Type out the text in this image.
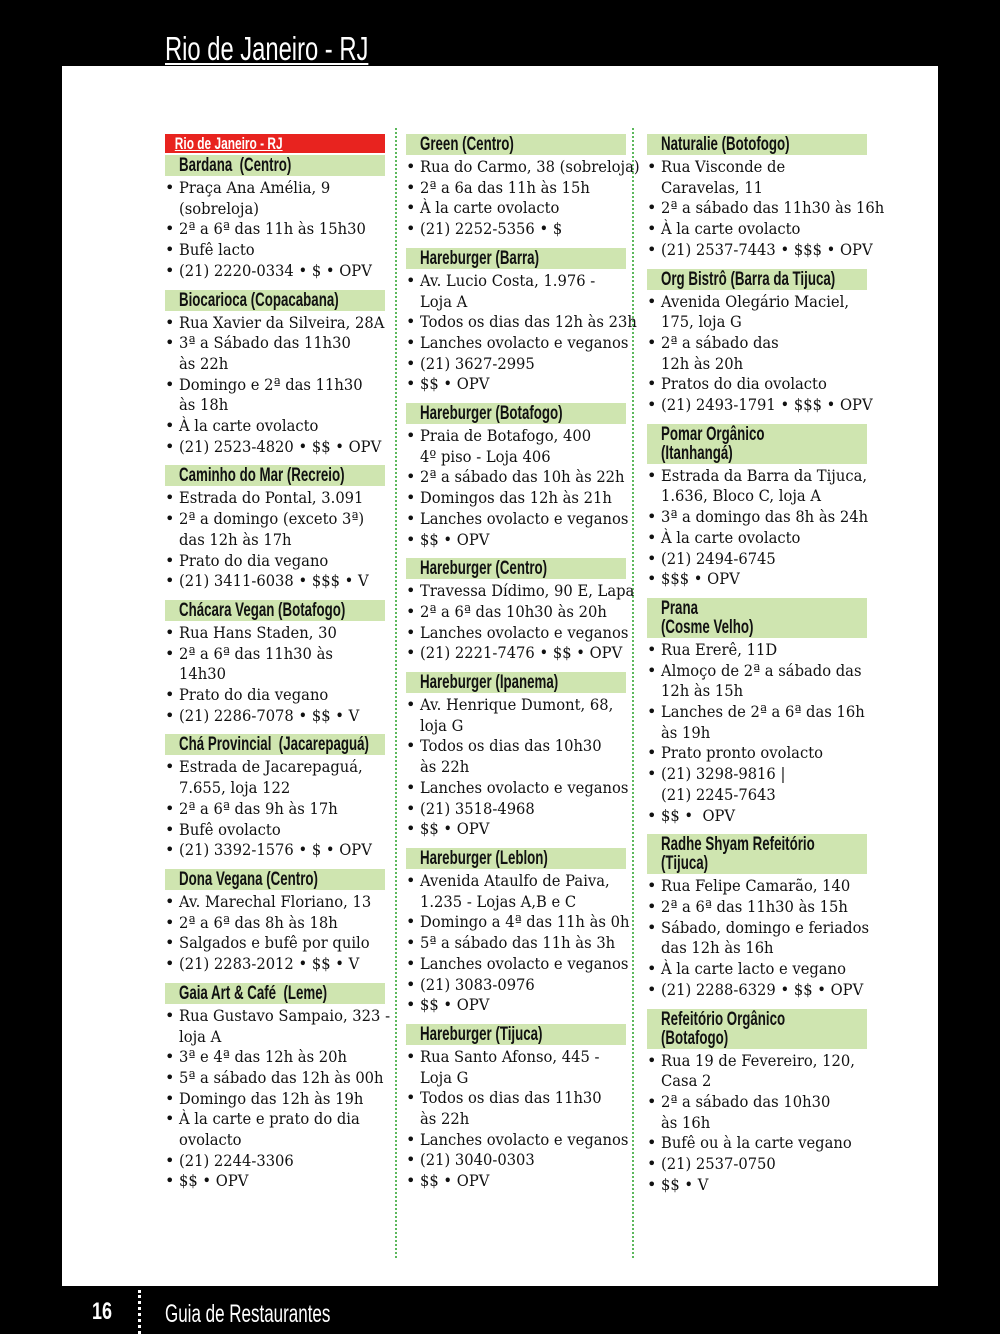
Rio de Janeiro - RJ
Rio de Janeiro - RJ
Bardana  (Centro)
• Praça Ana Amélia, 9
(sobreloja)
• 2ª a 6ª das 11h às 15h30
• Bufê lacto
• (21) 2220-0334 • $ • OPV
Biocarioca (Copacabana)
• Rua Xavier da Silveira, 28A
• 3ª a Sábado das 11h30
às 22h
• Domingo e 2ª das 11h30
às 18h
• À la carte ovolacto
• (21) 2523-4820 • $$ • OPV
Caminho do Mar (Recreio)
• Estrada do Pontal, 3.091
• 2ª a domingo (exceto 3ª)
das 12h às 17h
• Prato do dia vegano
• (21) 3411-6038 • $$$ • V
Chácara Vegan (Botafogo)
• Rua Hans Staden, 30
• 2ª a 6ª das 11h30 às
14h30
• Prato do dia vegano
• (21) 2286-7078 • $$ • V
Chá Provincial  (Jacarepaguá)
• Estrada de Jacarepaguá,
7.655, loja 122
• 2ª a 6ª das 9h às 17h
• Bufê ovolacto
• (21) 3392-1576 • $ • OPV
Dona Vegana (Centro)
• Av. Marechal Floriano, 13
• 2ª a 6ª das 8h às 18h
• Salgados e bufê por quilo
• (21) 2283-2012 • $$ • V
Gaia Art & Café  (Leme)
• Rua Gustavo Sampaio, 323 -
loja A
• 3ª e 4ª das 12h às 20h
• 5ª a sábado das 12h às 00h
• Domingo das 12h às 19h
• À la carte e prato do dia
ovolacto
• (21) 2244-3306
• $$ • OPV
Green (Centro)
• Rua do Carmo, 38 (sobreloja)
• 2ª a 6a das 11h às 15h
• À la carte ovolacto
• (21) 2252-5356 • $
Hareburger (Barra)
• Av. Lucio Costa, 1.976 -
Loja A
• Todos os dias das 12h às 23h
• Lanches ovolacto e veganos
• (21) 3627-2995
• $$ • OPV
Hareburger (Botafogo)
• Praia de Botafogo, 400
4º piso - Loja 406
• 2ª a sábado das 10h às 22h
• Domingos das 12h às 21h
• Lanches ovolacto e veganos
• $$ • OPV
Hareburger (Centro)
• Travessa Dídimo, 90 E, Lapa
• 2ª a 6ª das 10h30 às 20h
• Lanches ovolacto e veganos
• (21) 2221-7476 • $$ • OPV
Hareburger (Ipanema)
• Av. Henrique Dumont, 68,
loja G
• Todos os dias das 10h30
às 22h
• Lanches ovolacto e veganos
• (21) 3518-4968
• $$ • OPV
Hareburger (Leblon)
• Avenida Ataulfo de Paiva,
1.235 - Lojas A,B e C
• Domingo a 4ª das 11h às 0h
• 5ª a sábado das 11h às 3h
• Lanches ovolacto e veganos
• (21) 3083-0976
• $$ • OPV
Hareburger (Tijuca)
• Rua Santo Afonso, 445 -
Loja G
• Todos os dias das 11h30
às 22h
• Lanches ovolacto e veganos
• (21) 3040-0303
• $$ • OPV
Naturalie (Botofogo)
• Rua Visconde de
Caravelas, 11
• 2ª a sábado das 11h30 às 16h
• À la carte ovolacto
• (21) 2537-7443 • $$$ • OPV
Org Bistrô (Barra da Tijuca)
• Avenida Olegário Maciel,
175, loja G
• 2ª a sábado das
12h às 20h
• Pratos do dia ovolacto
• (21) 2493-1791 • $$$ • OPV
Pomar Orgânico
(Itanhangá)
• Estrada da Barra da Tijuca,
1.636, Bloco C, loja A
• 3ª a domingo das 8h às 24h
• À la carte ovolacto
• (21) 2494-6745
• $$$ • OPV
Prana
(Cosme Velho)
• Rua Ererê, 11D
• Almoço de 2ª a sábado das
12h às 15h
• Lanches de 2ª a 6ª das 16h
às 19h
• Prato pronto ovolacto
• (21) 3298-9816 |
(21) 2245-7643
• $$ •  OPV
Radhe Shyam Refeitório
(Tijuca)
• Rua Felipe Camarão, 140
• 2ª a 6ª das 11h30 às 15h
• Sábado, domingo e feriados
das 12h às 16h
• À la carte lacto e vegano
• (21) 2288-6329 • $$ • OPV
Refeitório Orgânico
(Botafogo)
• Rua 19 de Fevereiro, 120,
Casa 2
• 2ª a sábado das 10h30
às 16h
• Bufê ou à la carte vegano
• (21) 2537-0750
• $$ • V
16 Guia de Restaurantes
